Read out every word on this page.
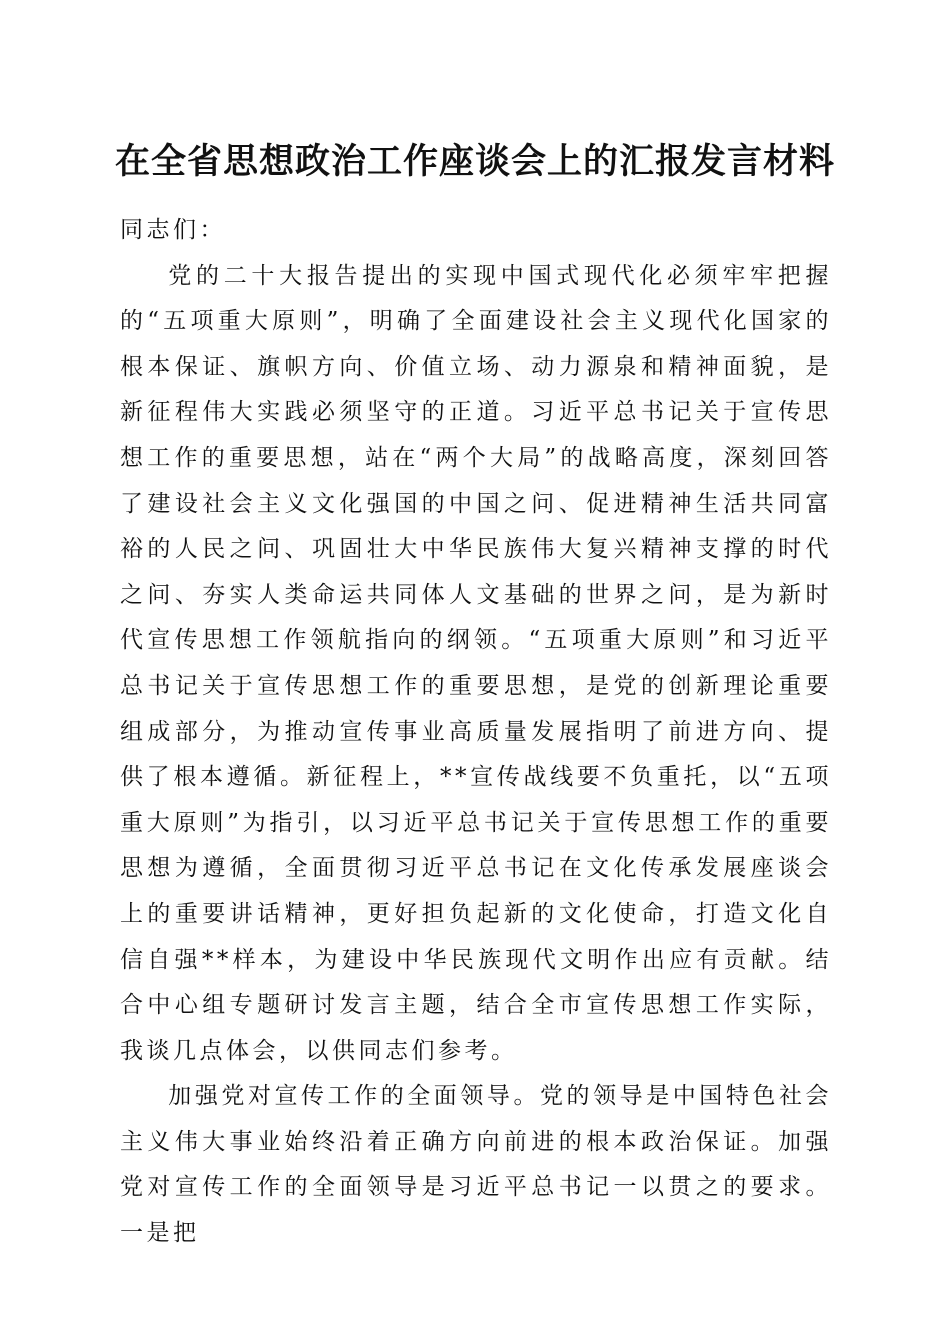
在全省思想政治工作座谈会上的汇报发言材料

同志们：

党的二十大报告提出的实现中国式现代化必须牢牢把握的“五项重大原则”，明确了全面建设社会主义现代化国家的根本保证、旗帜方向、价值立场、动力源泉和精神面貌，是新征程伟大实践必须坚守的正道。习近平总书记关于宣传思想工作的重要思想，站在“两个大局”的战略高度，深刻回答了建设社会主义文化强国的中国之问、促进精神生活共同富裕的人民之问、巩固壮大中华民族伟大复兴精神支撑的时代之问、夯实人类命运共同体人文基础的世界之问，是为新时代宣传思想工作领航指向的纲领。“五项重大原则”和习近平总书记关于宣传思想工作的重要思想，是党的创新理论重要组成部分，为推动宣传事业高质量发展指明了前进方向、提供了根本遵循。新征程上，**宣传战线要不负重托，以“五项重大原则”为指引，以习近平总书记关于宣传思想工作的重要思想为遵循，全面贯彻习近平总书记在文化传承发展座谈会上的重要讲话精神，更好担负起新的文化使命，打造文化自信自强**样本，为建设中华民族现代文明作出应有贡献。结合中心组专题研讨发言主题，结合全市宣传思想工作实际，我谈几点体会，以供同志们参考。

加强党对宣传工作的全面领导。党的领导是中国特色社会主义伟大事业始终沿着正确方向前进的根本政治保证。加强党对宣传工作的全面领导是习近平总书记一以贯之的要求。一是把
